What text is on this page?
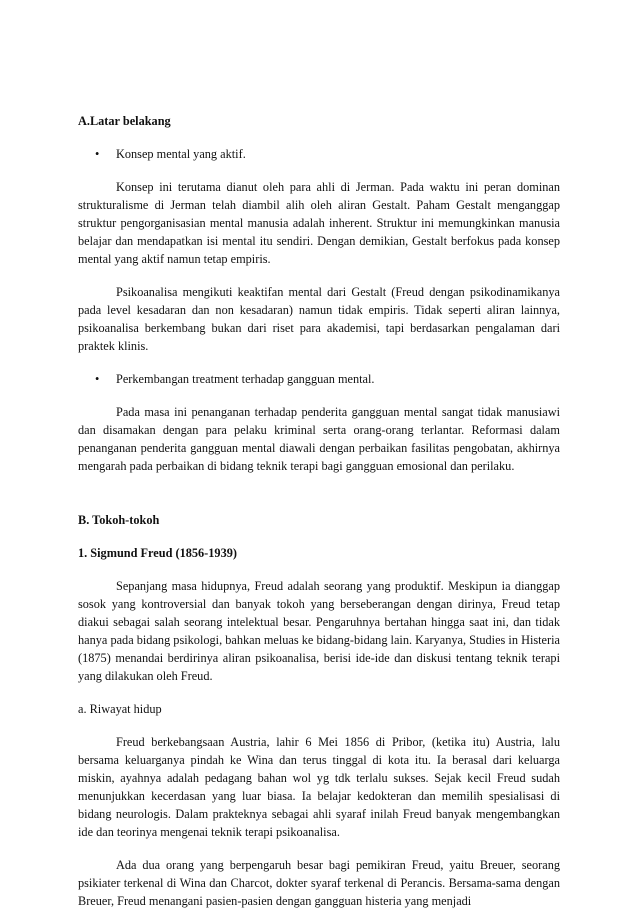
A.Latar belakang

• Konsep mental yang aktif.

Konsep ini terutama dianut oleh para ahli di Jerman. Pada waktu ini peran dominan strukturalisme di Jerman telah diambil alih oleh aliran Gestalt. Paham Gestalt menganggap struktur pengorganisasian mental manusia adalah inherent. Struktur ini memungkinkan manusia belajar dan mendapatkan isi mental itu sendiri. Dengan demikian, Gestalt berfokus pada konsep mental yang aktif namun tetap empiris.

Psikoanalisa mengikuti keaktifan mental dari Gestalt (Freud dengan psikodinamikanya pada level kesadaran dan non kesadaran) namun tidak empiris. Tidak seperti aliran lainnya, psikoanalisa berkembang bukan dari riset para akademisi, tapi berdasarkan pengalaman dari praktek klinis.

• Perkembangan treatment terhadap gangguan mental.

Pada masa ini penanganan terhadap penderita gangguan mental sangat tidak manusiawi dan disamakan dengan para pelaku kriminal serta orang-orang terlantar. Reformasi dalam penanganan penderita gangguan mental diawali dengan perbaikan fasilitas pengobatan, akhirnya mengarah pada perbaikan di bidang teknik terapi bagi gangguan emosional dan perilaku.

B. Tokoh-tokoh

1. Sigmund Freud (1856-1939)

Sepanjang masa hidupnya, Freud adalah seorang yang produktif. Meskipun ia dianggap sosok yang kontroversial dan banyak tokoh yang berseberangan dengan dirinya, Freud tetap diakui sebagai salah seorang intelektual besar. Pengaruhnya bertahan hingga saat ini, dan tidak hanya pada bidang psikologi, bahkan meluas ke bidang-bidang lain. Karyanya, Studies in Histeria (1875) menandai berdirinya aliran psikoanalisa, berisi ide-ide dan diskusi tentang teknik terapi yang dilakukan oleh Freud.

a. Riwayat hidup

Freud berkebangsaan Austria, lahir 6 Mei 1856 di Pribor, (ketika itu) Austria, lalu bersama keluarganya pindah ke Wina dan terus tinggal di kota itu. Ia berasal dari keluarga miskin, ayahnya adalah pedagang bahan wol yg tdk terlalu sukses. Sejak kecil Freud sudah menunjukkan kecerdasan yang luar biasa. Ia belajar kedokteran dan memilih spesialisasi di bidang neurologis. Dalam prakteknya sebagai ahli syaraf inilah Freud banyak mengembangkan ide dan teorinya mengenai teknik terapi psikoanalisa.

Ada dua orang yang berpengaruh besar bagi pemikiran Freud, yaitu Breuer, seorang psikiater terkenal di Wina dan Charcot, dokter syaraf terkenal di Perancis. Bersama-sama dengan Breuer, Freud menangani pasien-pasien dengan gangguan histeria yang menjadi
